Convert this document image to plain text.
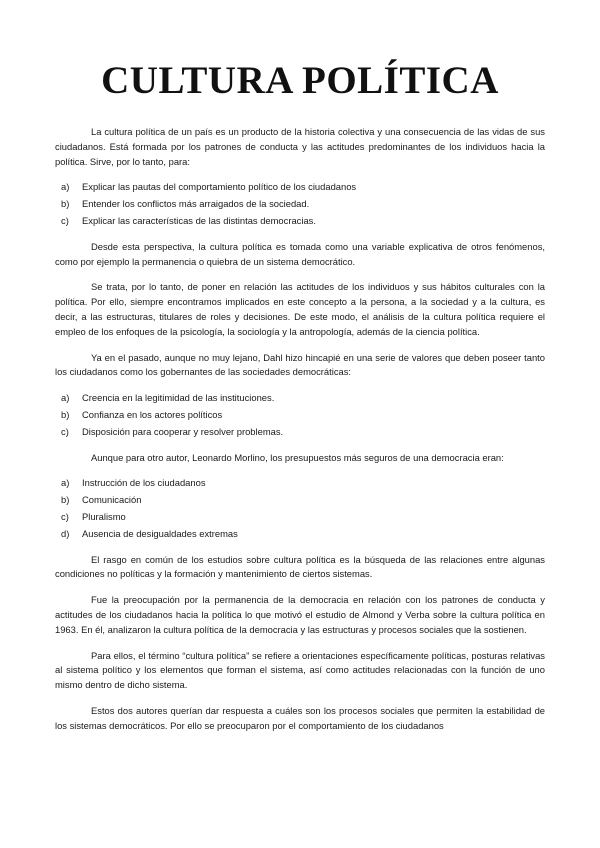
CULTURA POLÍTICA

La cultura política de un país es un producto de la historia colectiva y una consecuencia de las vidas de sus ciudadanos. Está formada por los patrones de conducta y las actitudes predominantes de los individuos hacia la política. Sirve, por lo tanto, para:

a)	Explicar las pautas del comportamiento político de los ciudadanos
b)	Entender los conflictos más arraigados de la sociedad.
c)	Explicar las características de las distintas democracias.

Desde esta perspectiva, la cultura política es tomada como una variable explicativa de otros fenómenos, como por ejemplo la permanencia o quiebra de un sistema democrático.

Se trata, por lo tanto, de poner en relación las actitudes de los individuos y sus hábitos culturales con la política. Por ello, siempre encontramos implicados en este concepto a la persona, a la sociedad y a la cultura, es decir, a las estructuras, titulares de roles y decisiones. De este modo, el análisis de la cultura política requiere el empleo de los enfoques de la psicología, la sociología y la antropología, además de la ciencia política.

Ya en el pasado, aunque no muy lejano, Dahl hizo hincapié en una serie de valores que deben poseer tanto los ciudadanos como los gobernantes de las sociedades democráticas:

a)	Creencia en la legitimidad de las instituciones.
b)	Confianza en los actores políticos
c)	Disposición para cooperar y resolver problemas.

Aunque para otro autor, Leonardo Morlino, los presupuestos más seguros de una democracia eran:

a)	Instrucción de los ciudadanos
b)	Comunicación
c)	Pluralismo
d)	Ausencia de desigualdades extremas

El rasgo en común de los estudios sobre cultura política es la búsqueda de las relaciones entre algunas condiciones no políticas y la formación y mantenimiento de ciertos sistemas.

Fue la preocupación por la permanencia de la democracia en relación con los patrones de conducta y actitudes de los ciudadanos hacia la política lo que motivó el estudio de Almond y Verba sobre la cultura política en 1963. En él, analizaron la cultura política de la democracia y las estructuras y procesos sociales que la sostienen.

Para ellos, el término “cultura política” se refiere a orientaciones específicamente políticas, posturas relativas al sistema político y los elementos que forman el sistema, así como actitudes relacionadas con la función de uno mismo dentro de dicho sistema.

Estos dos autores querían dar respuesta a cuáles son los procesos sociales que permiten la estabilidad de los sistemas democráticos. Por ello se preocuparon por el comportamiento de los ciudadanos
